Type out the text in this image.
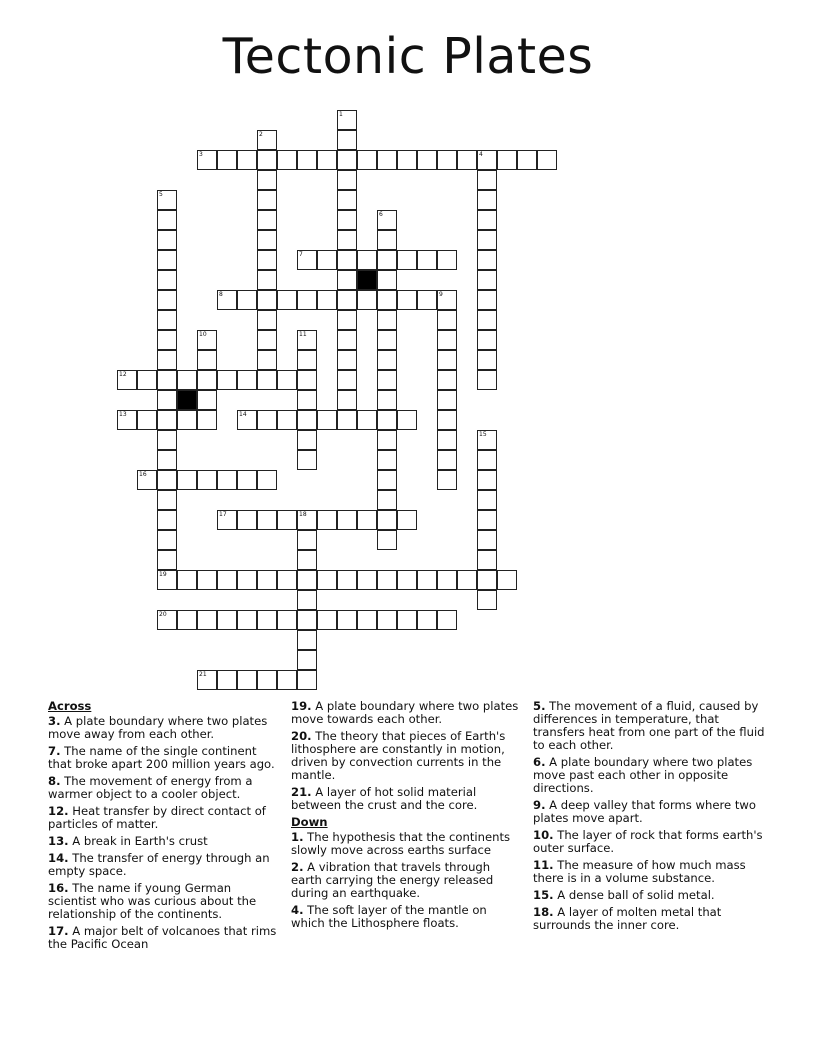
Tectonic Plates
1
2
3	4
5
6
7
8	9
10	11
12
13	14
15
16
17	18
19
20
21
Across
3. A plate boundary where two plates move away from each other.
7. The name of the single continent that broke apart 200 million years ago.
8. The movement of energy from a warmer object to a cooler object.
12. Heat transfer by direct contact of particles of matter.
13. A break in Earth's crust
14. The transfer of energy through an empty space.
16. The name if young German scientist who was curious about the relationship of the continents.
17. A major belt of volcanoes that rims the Pacific Ocean
19. A plate boundary where two plates move towards each other.
20. The theory that pieces of Earth's lithosphere are constantly in motion, driven by convection currents in the mantle.
21. A layer of hot solid material between the crust and the core.
Down
1. The hypothesis that the continents slowly move across earths surface
2. A vibration that travels through earth carrying the energy released during an earthquake.
4. The soft layer of the mantle on which the Lithosphere floats.
5. The movement of a fluid, caused by differences in temperature, that transfers heat from one part of the fluid to each other.
6. A plate boundary where two plates move past each other in opposite directions.
9. A deep valley that forms where two plates move apart.
10. The layer of rock that forms earth's outer surface.
11. The measure of how much mass there is in a volume substance.
15. A dense ball of solid metal.
18. A layer of molten metal that surrounds the inner core.
